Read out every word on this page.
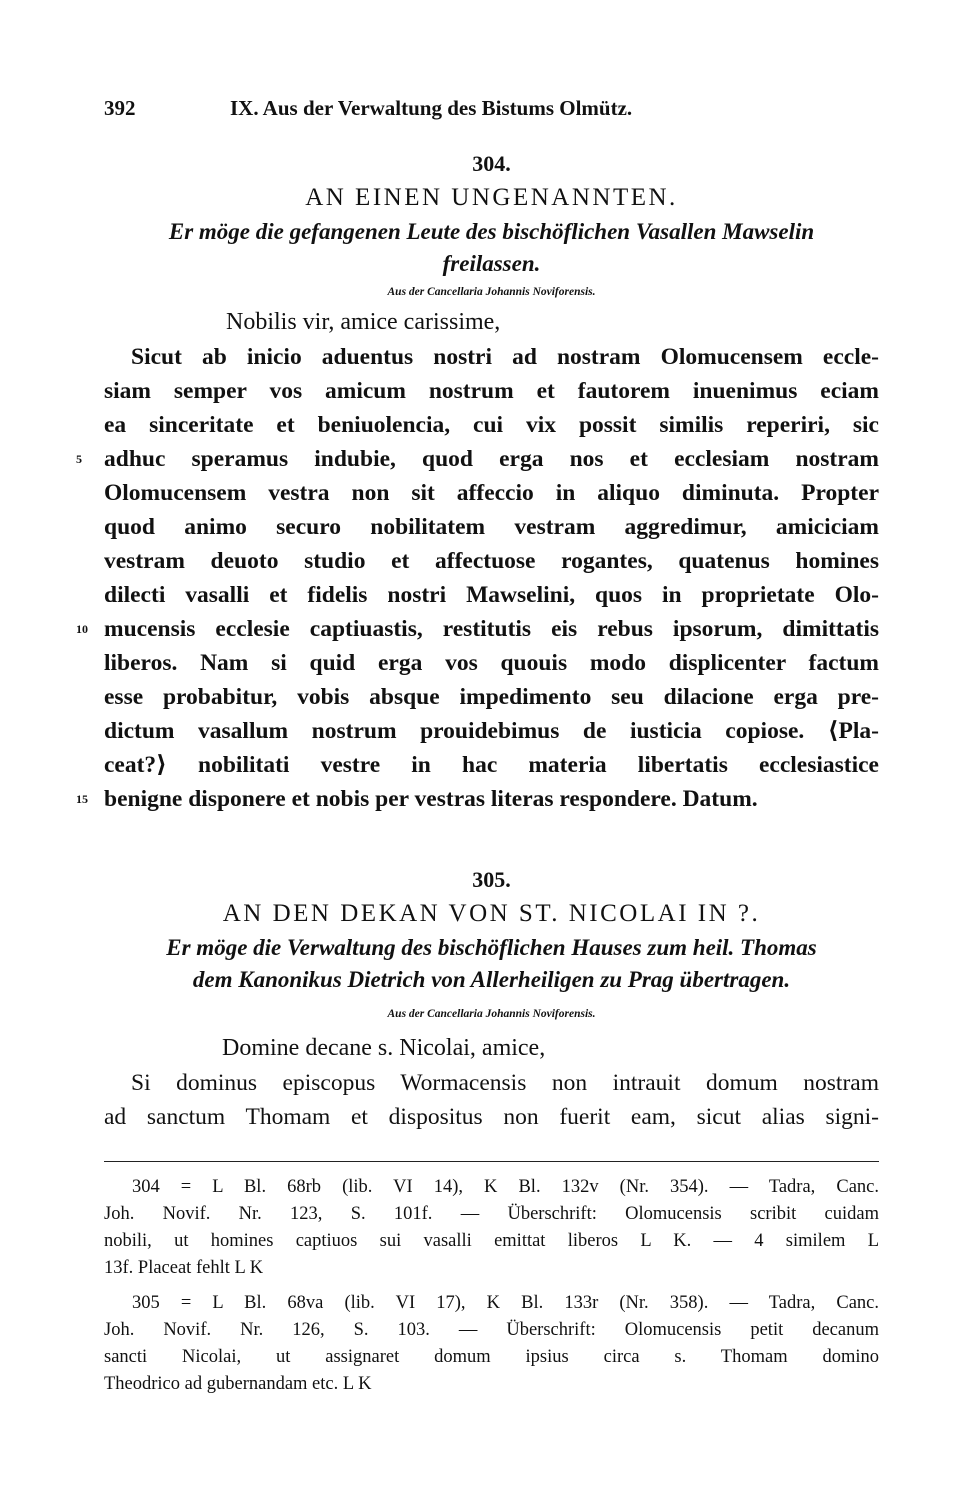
392	IX. Aus der Verwaltung des Bistums Olmütz.
304.
AN EINEN UNGENANNTEN.
Er möge die gefangenen Leute des bischöflichen Vasallen Mawselin
freilassen.
Aus der Cancellaria Johannis Noviforensis.
Nobilis vir, amice carissime,
Sicut ab inicio aduentus nostri ad nostram Olomucensem eccle-
siam semper vos amicum nostrum et fautorem inuenimus eciam
ea sinceritate et beniuolencia, cui vix possit similis reperiri, sic
5 adhuc speramus indubie, quod erga nos et ecclesiam nostram
Olomucensem vestra non sit affeccio in aliquo diminuta. Propter
quod animo securo nobilitatem vestram aggredimur, amiciciam
vestram deuoto studio et affectuose rogantes, quatenus homines
dilecti vasalli et fidelis nostri Mawselini, quos in proprietate Olo-
10 mucensis ecclesie captiuastis, restitutis eis rebus ipsorum, dimittatis
liberos. Nam si quid erga vos quouis modo displicenter factum
esse probabitur, vobis absque impedimento seu dilacione erga pre-
dictum vasallum nostrum prouidebimus de iusticia copiose. ⟨Pla-
ceat?⟩ nobilitati vestre in hac materia libertatis ecclesiastice
15 benigne disponere et nobis per vestras literas respondere. Datum.
305.
AN DEN DEKAN VON ST. NICOLAI IN ?.
Er möge die Verwaltung des bischöflichen Hauses zum heil. Thomas
dem Kanonikus Dietrich von Allerheiligen zu Prag übertragen.
Aus der Cancellaria Johannis Noviforensis.
Domine decane s. Nicolai, amice,
Si dominus episcopus Wormacensis non intrauit domum nostram
ad sanctum Thomam et dispositus non fuerit eam, sicut alias signi-
304 = L Bl. 68rb (lib. VI 14), K Bl. 132v (Nr. 354). — Tadra, Canc.
Joh. Novif. Nr. 123, S. 101f. — Überschrift: Olomucensis scribit cuidam
nobili, ut homines captiuos sui vasalli emittat liberos L K. — 4 similem L
13f. Placeat fehlt L K
305 = L Bl. 68va (lib. VI 17), K Bl. 133r (Nr. 358). — Tadra, Canc.
Joh. Novif. Nr. 126, S. 103. — Überschrift: Olomucensis petit decanum
sancti Nicolai, ut assignaret domum ipsius circa s. Thomam domino
Theodrico ad gubernandam etc. L K
